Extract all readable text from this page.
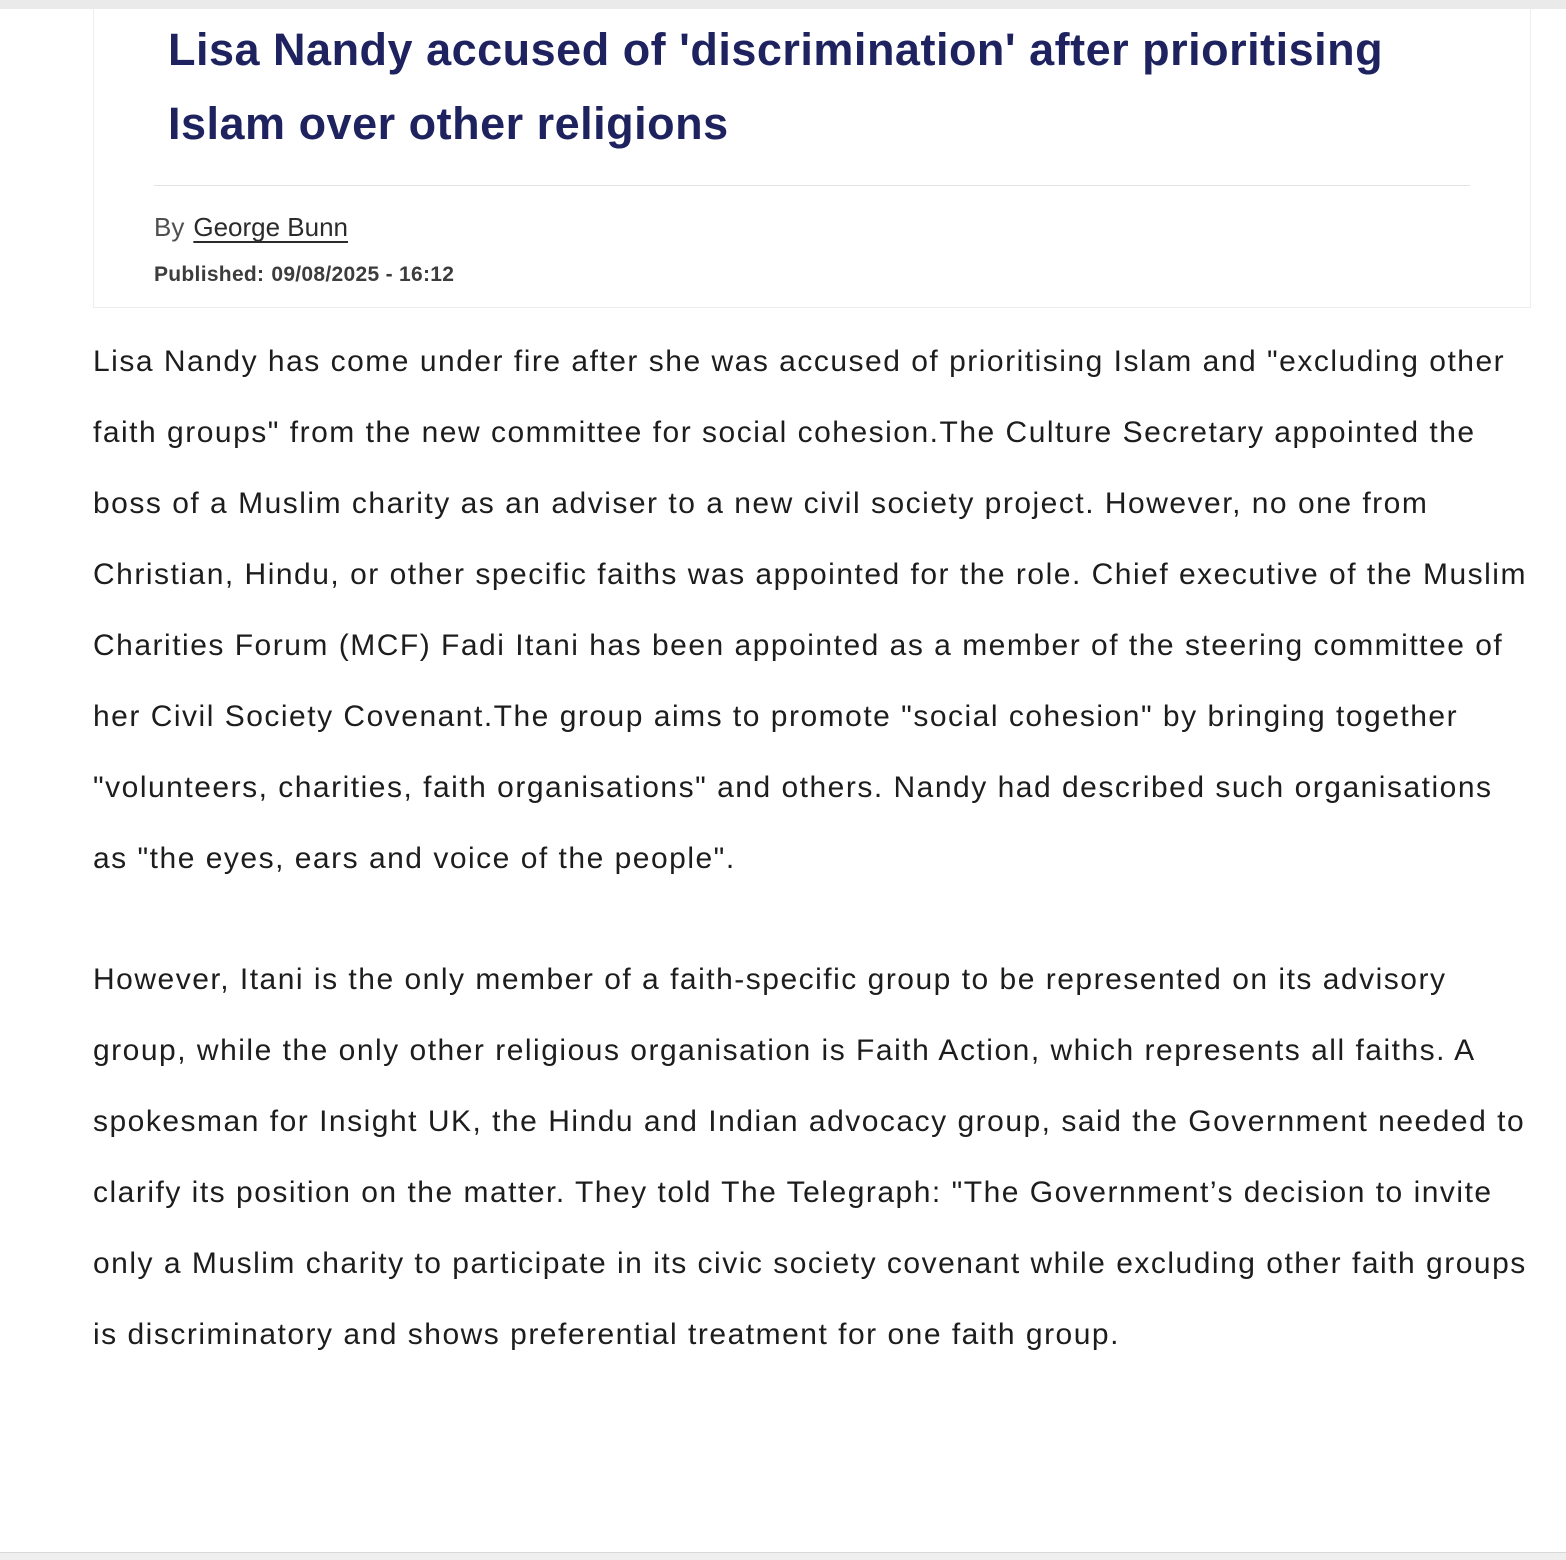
Lisa Nandy accused of 'discrimination' after prioritising Islam over other religions
By George Bunn
Published: 09/08/2025 - 16:12

Lisa Nandy has come under fire after she was accused of prioritising Islam and "excluding other faith groups" from the new committee for social cohesion.The Culture Secretary appointed the boss of a Muslim charity as an adviser to a new civil society project. However, no one from Christian, Hindu, or other specific faiths was appointed for the role. Chief executive of the Muslim Charities Forum (MCF) Fadi Itani has been appointed as a member of the steering committee of her Civil Society Covenant.The group aims to promote "social cohesion" by bringing together "volunteers, charities, faith organisations" and others. Nandy had described such organisations as "the eyes, ears and voice of the people".

However, Itani is the only member of a faith-specific group to be represented on its advisory group, while the only other religious organisation is Faith Action, which represents all faiths. A spokesman for Insight UK, the Hindu and Indian advocacy group, said the Government needed to clarify its position on the matter. They told The Telegraph: "The Government’s decision to invite only a Muslim charity to participate in its civic society covenant while excluding other faith groups is discriminatory and shows preferential treatment for one faith group.
